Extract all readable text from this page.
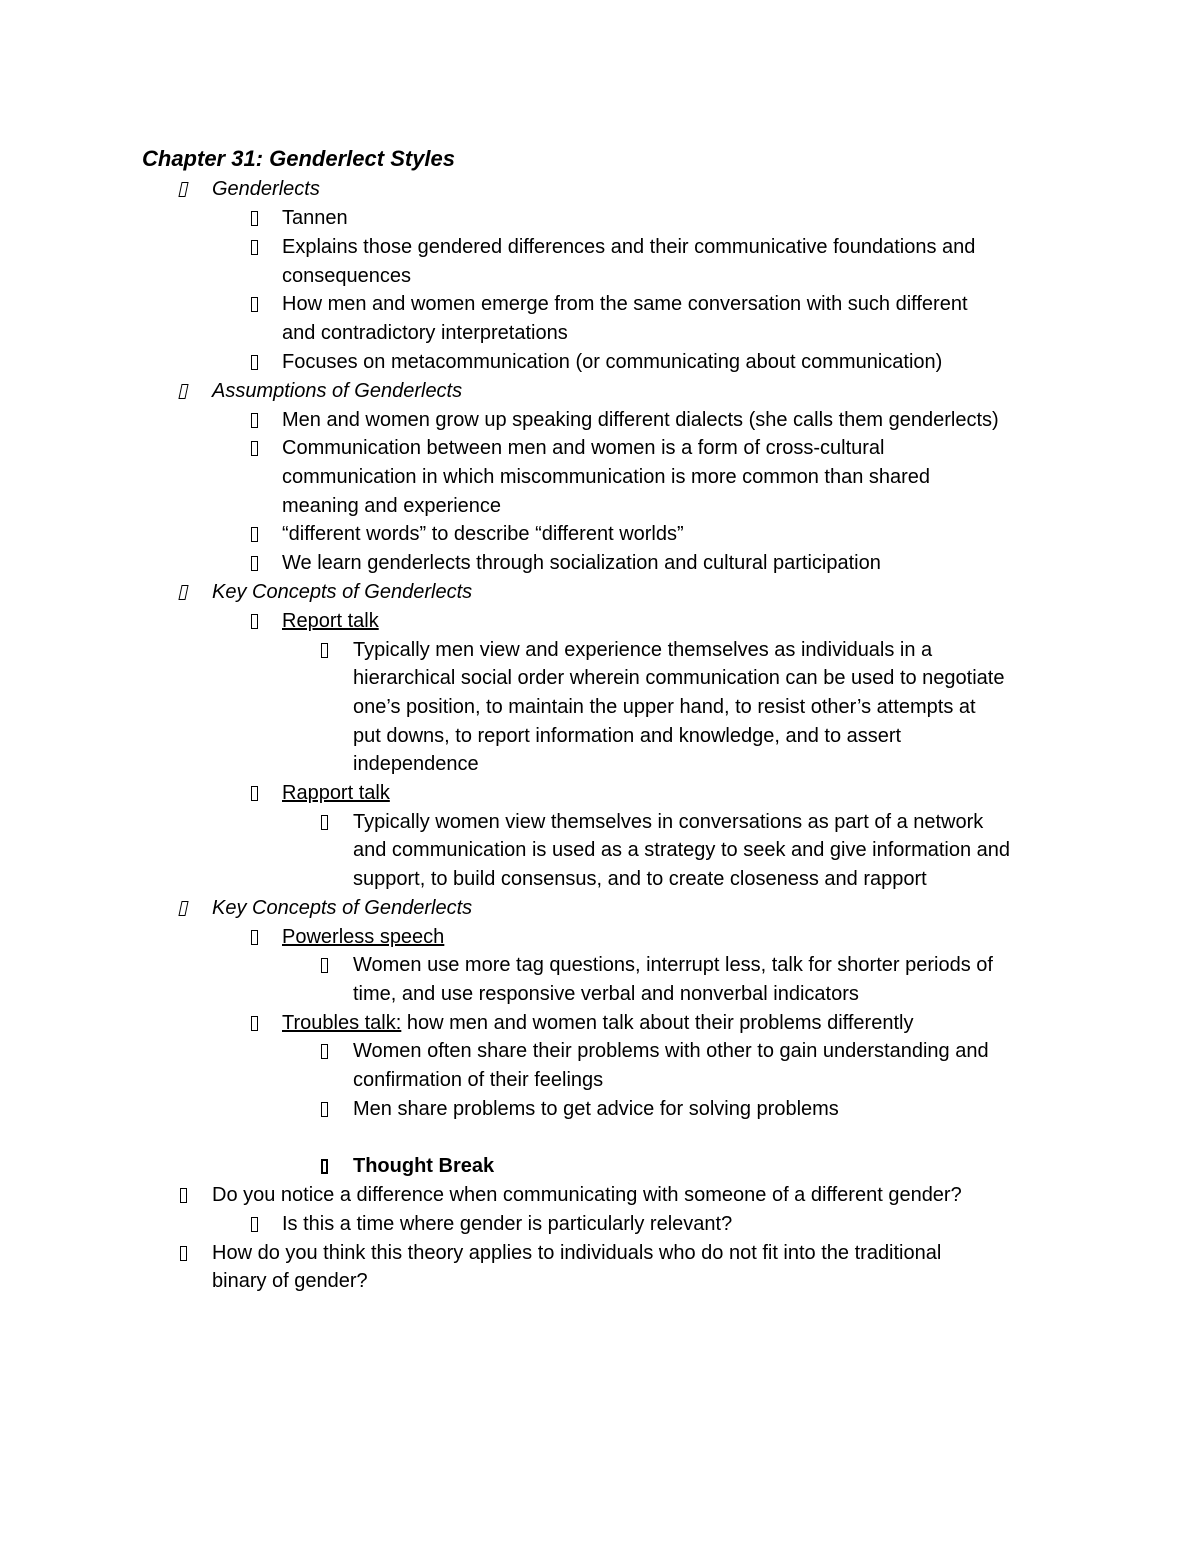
Chapter 31: Genderlect Styles
Genderlects
Tannen
Explains those gendered differences and their communicative foundations and
consequences
How men and women emerge from the same conversation with such different
and contradictory interpretations
Focuses on metacommunication (or communicating about communication)
Assumptions of Genderlects
Men and women grow up speaking different dialects (she calls them genderlects)
Communication between men and women is a form of cross-cultural
communication in which miscommunication is more common than shared
meaning and experience
“different words” to describe “different worlds”
We learn genderlects through socialization and cultural participation
Key Concepts of Genderlects
Report talk
Typically men view and experience themselves as individuals in a
hierarchical social order wherein communication can be used to negotiate
one’s position, to maintain the upper hand, to resist other’s attempts at
put downs, to report information and knowledge, and to assert
independence
Rapport talk
Typically women view themselves in conversations as part of a network
and communication is used as a strategy to seek and give information and
support, to build consensus, and to create closeness and rapport
Key Concepts of Genderlects
Powerless speech
Women use more tag questions, interrupt less, talk for shorter periods of
time, and use responsive verbal and nonverbal indicators
Troubles talk: how men and women talk about their problems differently
Women often share their problems with other to gain understanding and
confirmation of their feelings
Men share problems to get advice for solving problems
Thought Break
Do you notice a difference when communicating with someone of a different gender?
Is this a time where gender is particularly relevant?
How do you think this theory applies to individuals who do not fit into the traditional
binary of gender?
